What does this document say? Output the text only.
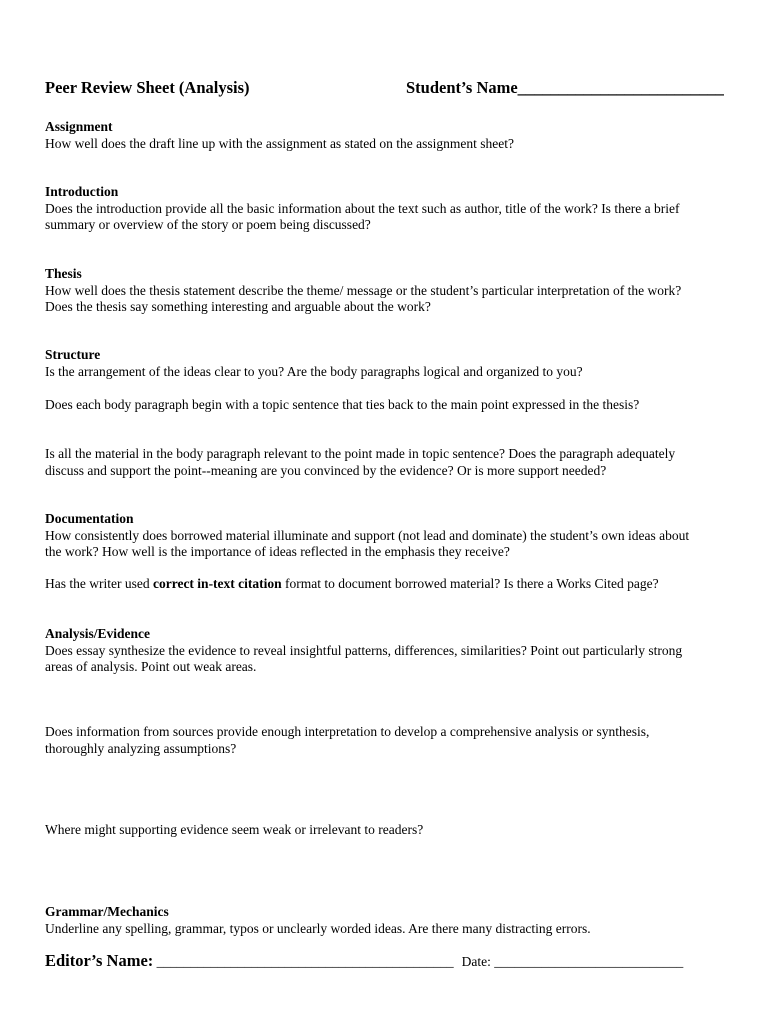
Peer Review Sheet (Analysis)	Student’s Name_________________________
Assignment
How well does the draft line up with the assignment as stated on the assignment sheet?
Introduction
Does the introduction provide all the basic information about the text such as author, title of the work? Is there a brief
summary or overview of the story or poem being discussed?
Thesis
How well does the thesis statement describe the theme/ message or the student’s particular interpretation of the work?
Does the thesis say something interesting and arguable about the work?
Structure
Is the arrangement of the ideas clear to you? Are the body paragraphs logical and organized to you?
Does each body paragraph begin with a topic sentence that ties back to the main point expressed in the thesis?
Is all the material in the body paragraph relevant to the point made in topic sentence? Does the paragraph adequately
discuss and support the point--meaning are you convinced by the evidence? Or is more support needed?
Documentation
How consistently does borrowed material illuminate and support (not lead and dominate) the student’s own ideas about
the work? How well is the importance of ideas reflected in the emphasis they receive?
Has the writer used correct in-text citation format to document borrowed material? Is there a Works Cited page?
Analysis/Evidence
Does essay synthesize the evidence to reveal insightful patterns, differences, similarities? Point out particularly strong
areas of analysis. Point out weak areas.
Does information from sources provide enough interpretation to develop a comprehensive analysis or synthesis,
thoroughly analyzing assumptions?
Where might supporting evidence seem weak or irrelevant to readers?
Grammar/Mechanics
Underline any spelling, grammar, typos or unclearly worded ideas. Are there many distracting errors.
Editor’s Name: ____________________________________________ Date: ____________________________
